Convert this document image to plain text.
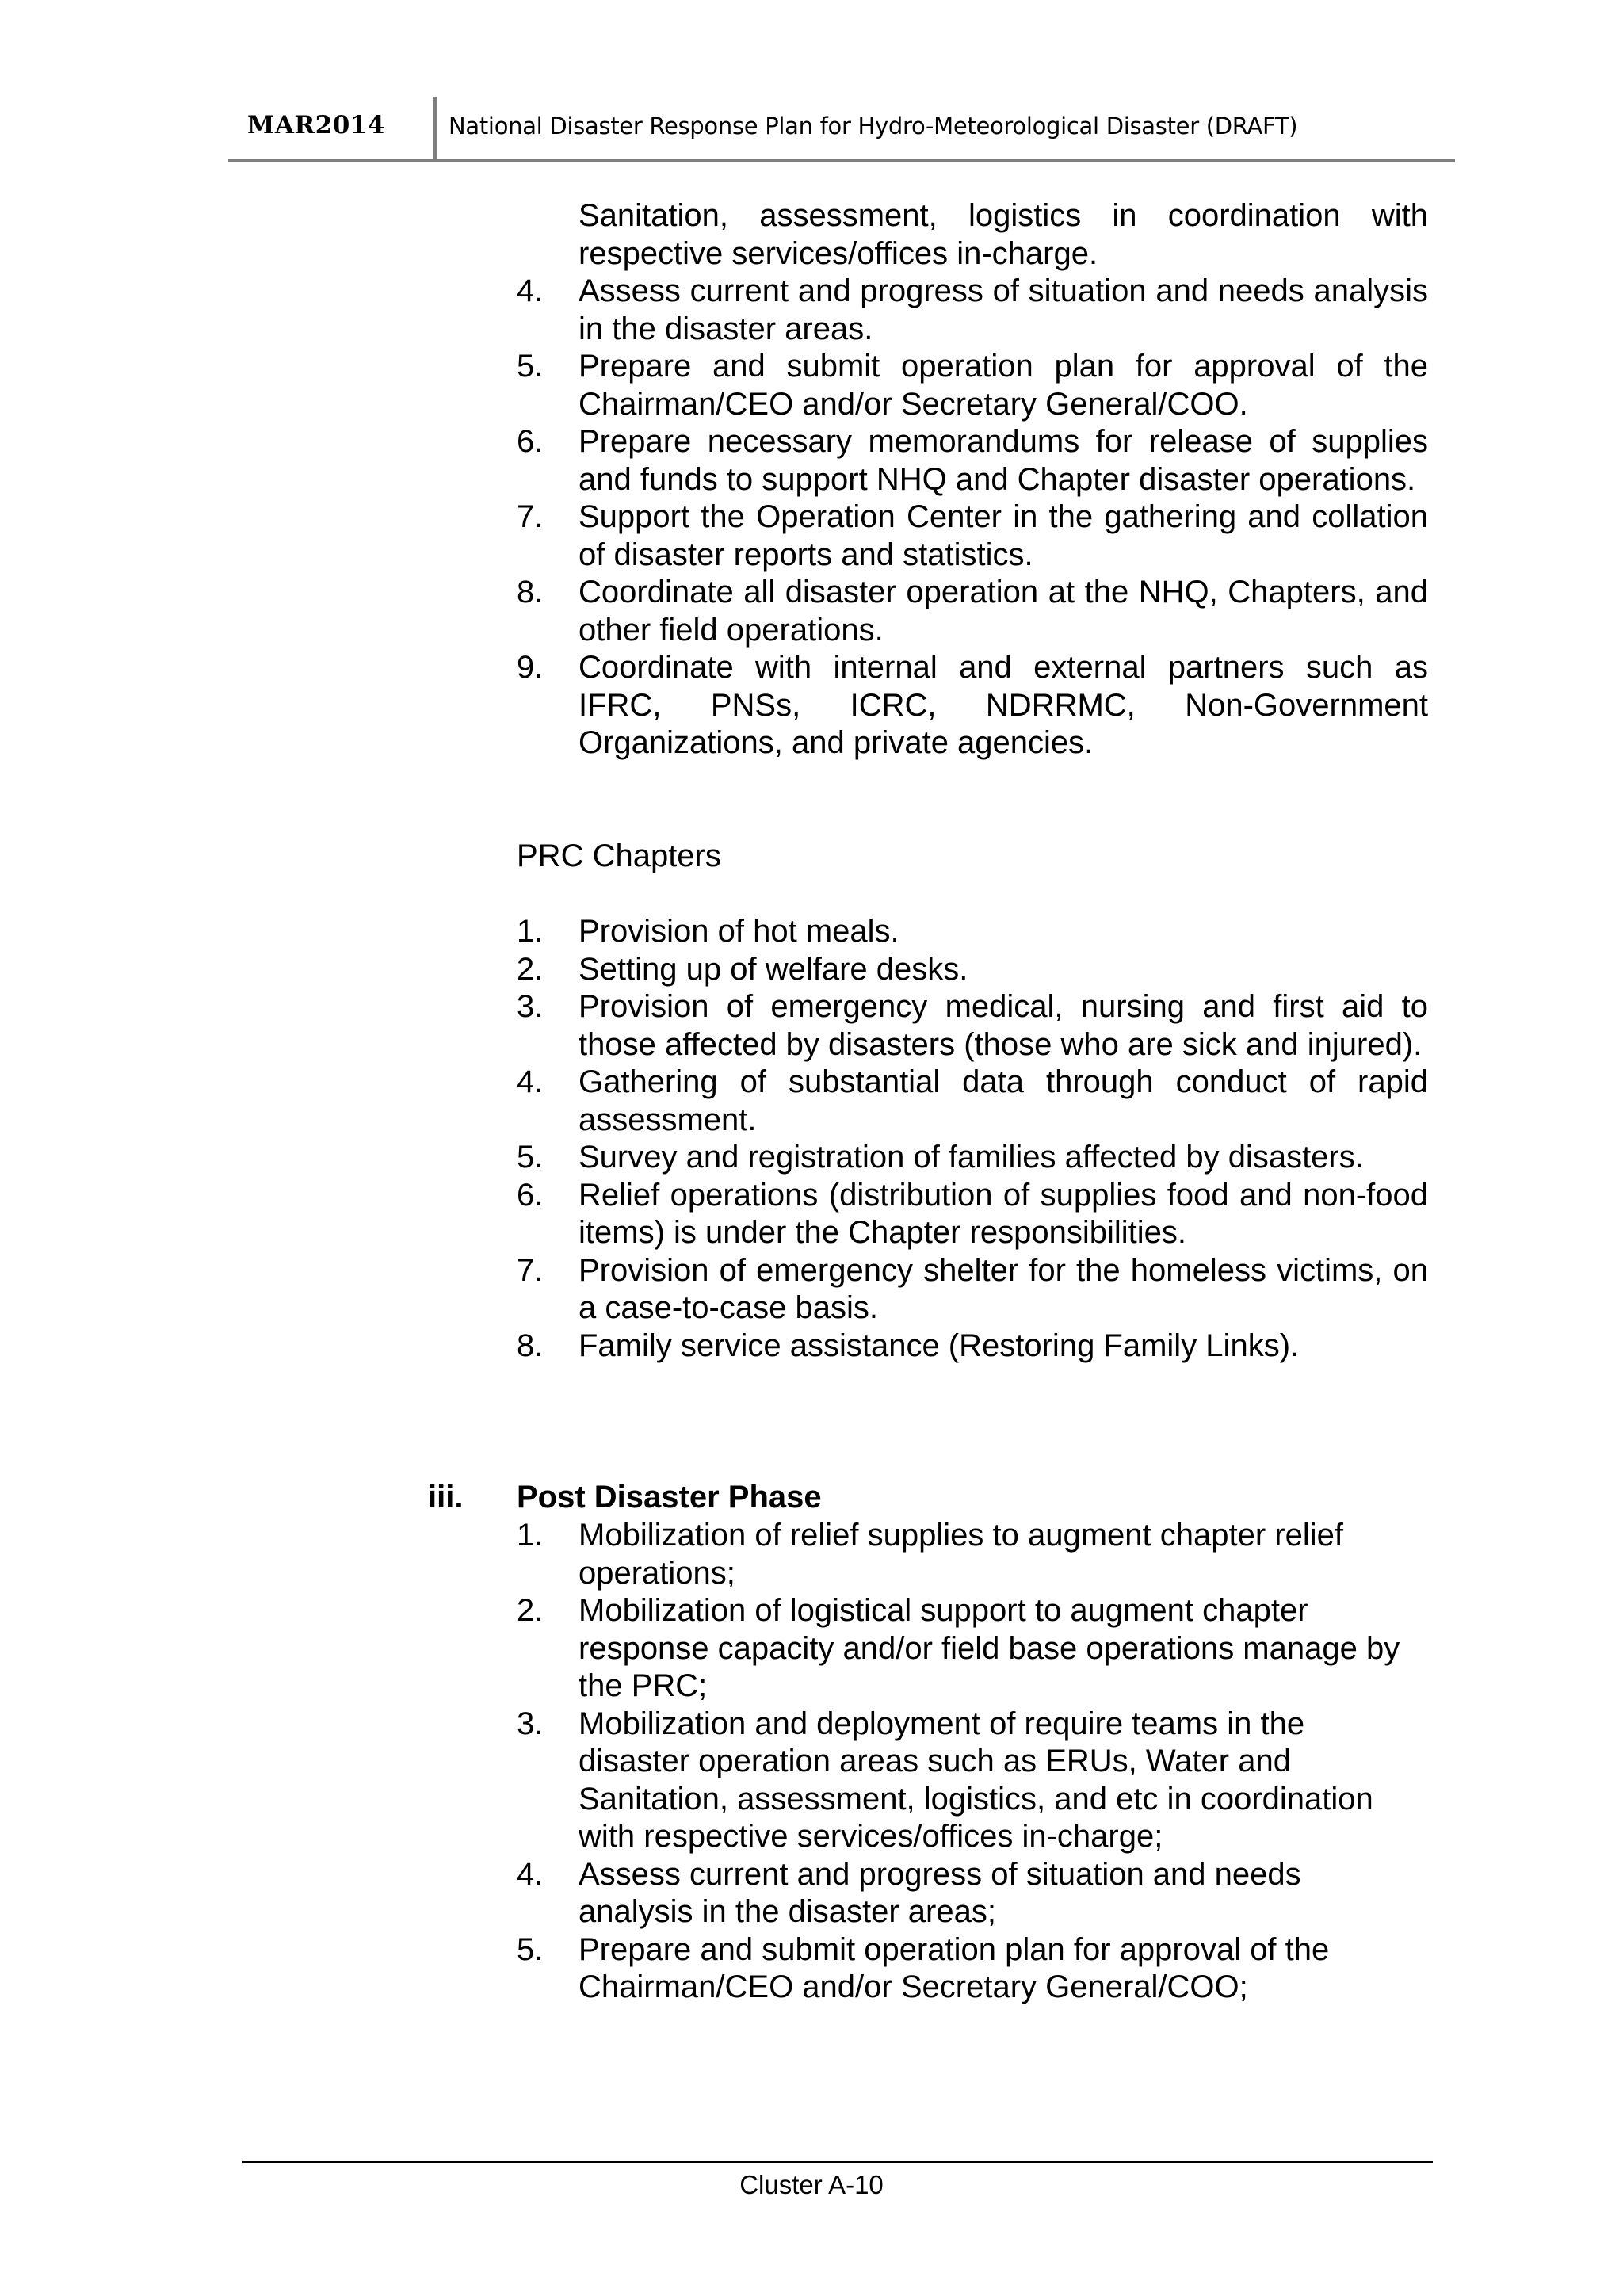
MAR2014	National Disaster Response Plan for Hydro-Meteorological Disaster (DRAFT)
Sanitation, assessment, logistics in coordination with respective services/offices in-charge.
4. Assess current and progress of situation and needs analysis in the disaster areas.
5. Prepare and submit operation plan for approval of the Chairman/CEO and/or Secretary General/COO.
6. Prepare necessary memorandums for release of supplies and funds to support NHQ and Chapter disaster operations.
7. Support the Operation Center in the gathering and collation of disaster reports and statistics.
8. Coordinate all disaster operation at the NHQ, Chapters, and other field operations.
9. Coordinate with internal and external partners such as IFRC, PNSs, ICRC, NDRRMC, Non-Government Organizations, and private agencies.
PRC Chapters
1. Provision of hot meals.
2. Setting up of welfare desks.
3. Provision of emergency medical, nursing and first aid to those affected by disasters (those who are sick and injured).
4. Gathering of substantial data through conduct of rapid assessment.
5. Survey and registration of families affected by disasters.
6. Relief operations (distribution of supplies food and non-food items) is under the Chapter responsibilities.
7. Provision of emergency shelter for the homeless victims, on a case-to-case basis.
8. Family service assistance (Restoring Family Links).
iii. Post Disaster Phase
1. Mobilization of relief supplies to augment chapter relief operations;
2. Mobilization of logistical support to augment chapter response capacity and/or field base operations manage by the PRC;
3. Mobilization and deployment of require teams in the disaster operation areas such as ERUs, Water and Sanitation, assessment, logistics, and etc in coordination with respective services/offices in-charge;
4. Assess current and progress of situation and needs analysis in the disaster areas;
5. Prepare and submit operation plan for approval of the Chairman/CEO and/or Secretary General/COO;
Cluster A-10
